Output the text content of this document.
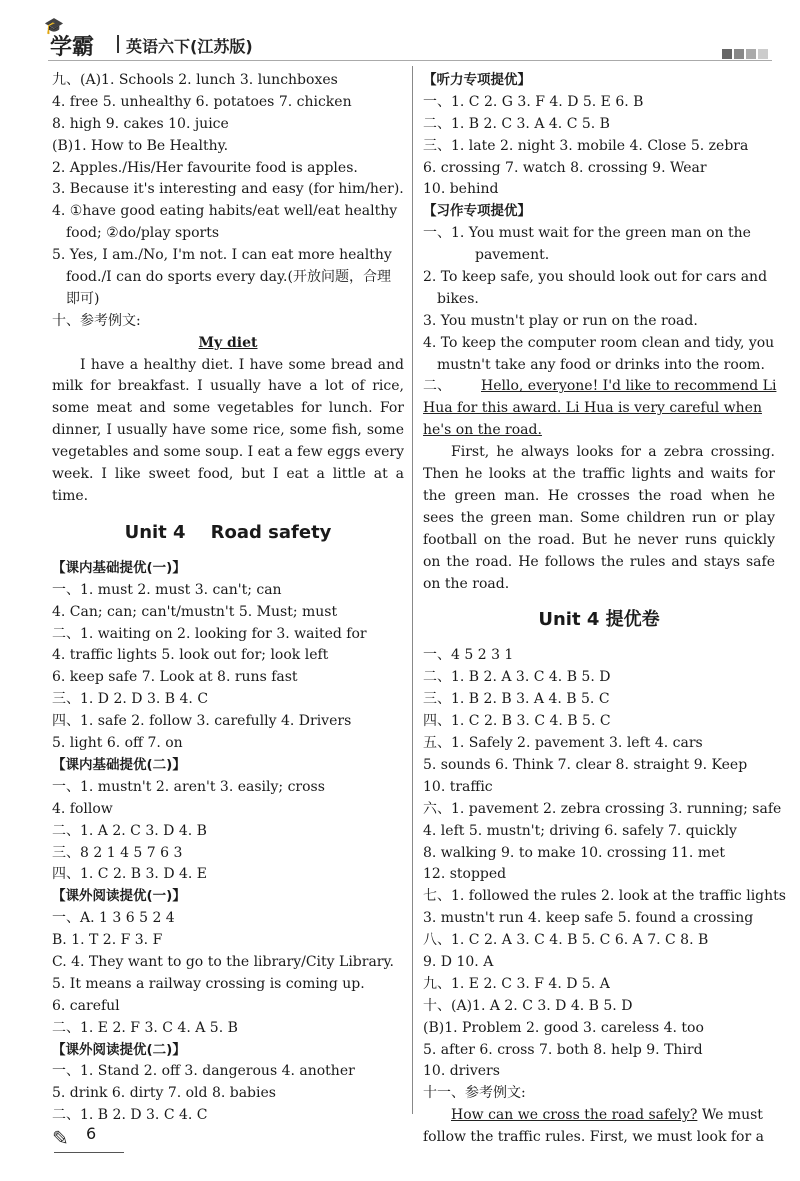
🎓
学霸 英语六下(江苏版)
九、(A)1. Schools 2. lunch 3. lunchboxes
4. free 5. unhealthy 6. potatoes 7. chicken
8. high 9. cakes 10. juice
(B)1. How to Be Healthy.
2. Apples./His/Her favourite food is apples.
3. Because it's interesting and easy (for him/her).
4. ①have good eating habits/eat well/eat healthy
food; ②do/play sports
5. Yes, I am./No, I'm not. I can eat more healthy
food./I can do sports every day.(开放问题，合理
即可)
十、参考例文:
My diet
I have a healthy diet. I have some bread and milk for breakfast. I usually have a lot of rice, some meat and some vegetables for lunch. For dinner, I usually have some rice, some fish, some vegetables and some soup. I eat a few eggs every week. I like sweet food, but I eat a little at a time.
Unit 4    Road safety
【课内基础提优(一)】
一、1. must 2. must 3. can't; can
4. Can; can; can't/mustn't 5. Must; must
二、1. waiting on 2. looking for 3. waited for
4. traffic lights 5. look out for; look left
6. keep safe 7. Look at 8. runs fast
三、1. D 2. D 3. B 4. C
四、1. safe 2. follow 3. carefully 4. Drivers
5. light 6. off 7. on
【课内基础提优(二)】
一、1. mustn't 2. aren't 3. easily; cross
4. follow
二、1. A 2. C 3. D 4. B
三、8 2 1 4 5 7 6 3
四、1. C 2. B 3. D 4. E
【课外阅读提优(一)】
一、A. 1 3 6 5 2 4
B. 1. T 2. F 3. F
C. 4. They want to go to the library/City Library.
5. It means a railway crossing is coming up.
6. careful
二、1. E 2. F 3. C 4. A 5. B
【课外阅读提优(二)】
一、1. Stand 2. off 3. dangerous 4. another
5. drink 6. dirty 7. old 8. babies
二、1. B 2. D 3. C 4. C
【听力专项提优】
一、1. C 2. G 3. F 4. D 5. E 6. B
二、1. B 2. C 3. A 4. C 5. B
三、1. late 2. night 3. mobile 4. Close 5. zebra
6. crossing 7. watch 8. crossing 9. Wear
10. behind
【习作专项提优】
一、1. You must wait for the green man on the
pavement.
2. To keep safe, you should look out for cars and
bikes.
3. You mustn't play or run on the road.
4. To keep the computer room clean and tidy, you
mustn't take any food or drinks into the room.
二、 Hello, everyone! I'd like to recommend Li
Hua for this award. Li Hua is very careful when
he's on the road.
First, he always looks for a zebra crossing. Then he looks at the traffic lights and waits for the green man. He crosses the road when he sees the green man. Some children run or play football on the road. But he never runs quickly on the road. He follows the rules and stays safe on the road.
Unit 4 提优卷
一、4 5 2 3 1
二、1. B 2. A 3. C 4. B 5. D
三、1. B 2. B 3. A 4. B 5. C
四、1. C 2. B 3. C 4. B 5. C
五、1. Safely 2. pavement 3. left 4. cars
5. sounds 6. Think 7. clear 8. straight 9. Keep
10. traffic
六、1. pavement 2. zebra crossing 3. running; safe
4. left 5. mustn't; driving 6. safely 7. quickly
8. walking 9. to make 10. crossing 11. met
12. stopped
七、1. followed the rules 2. look at the traffic lights
3. mustn't run 4. keep safe 5. found a crossing
八、1. C 2. A 3. C 4. B 5. C 6. A 7. C 8. B
9. D 10. A
九、1. E 2. C 3. F 4. D 5. A
十、(A)1. A 2. C 3. D 4. B 5. D
(B)1. Problem 2. good 3. careless 4. too
5. after 6. cross 7. both 8. help 9. Third
10. drivers
十一、参考例文:
How can we cross the road safely? We must
follow the traffic rules. First, we must look for a
✎ 6
